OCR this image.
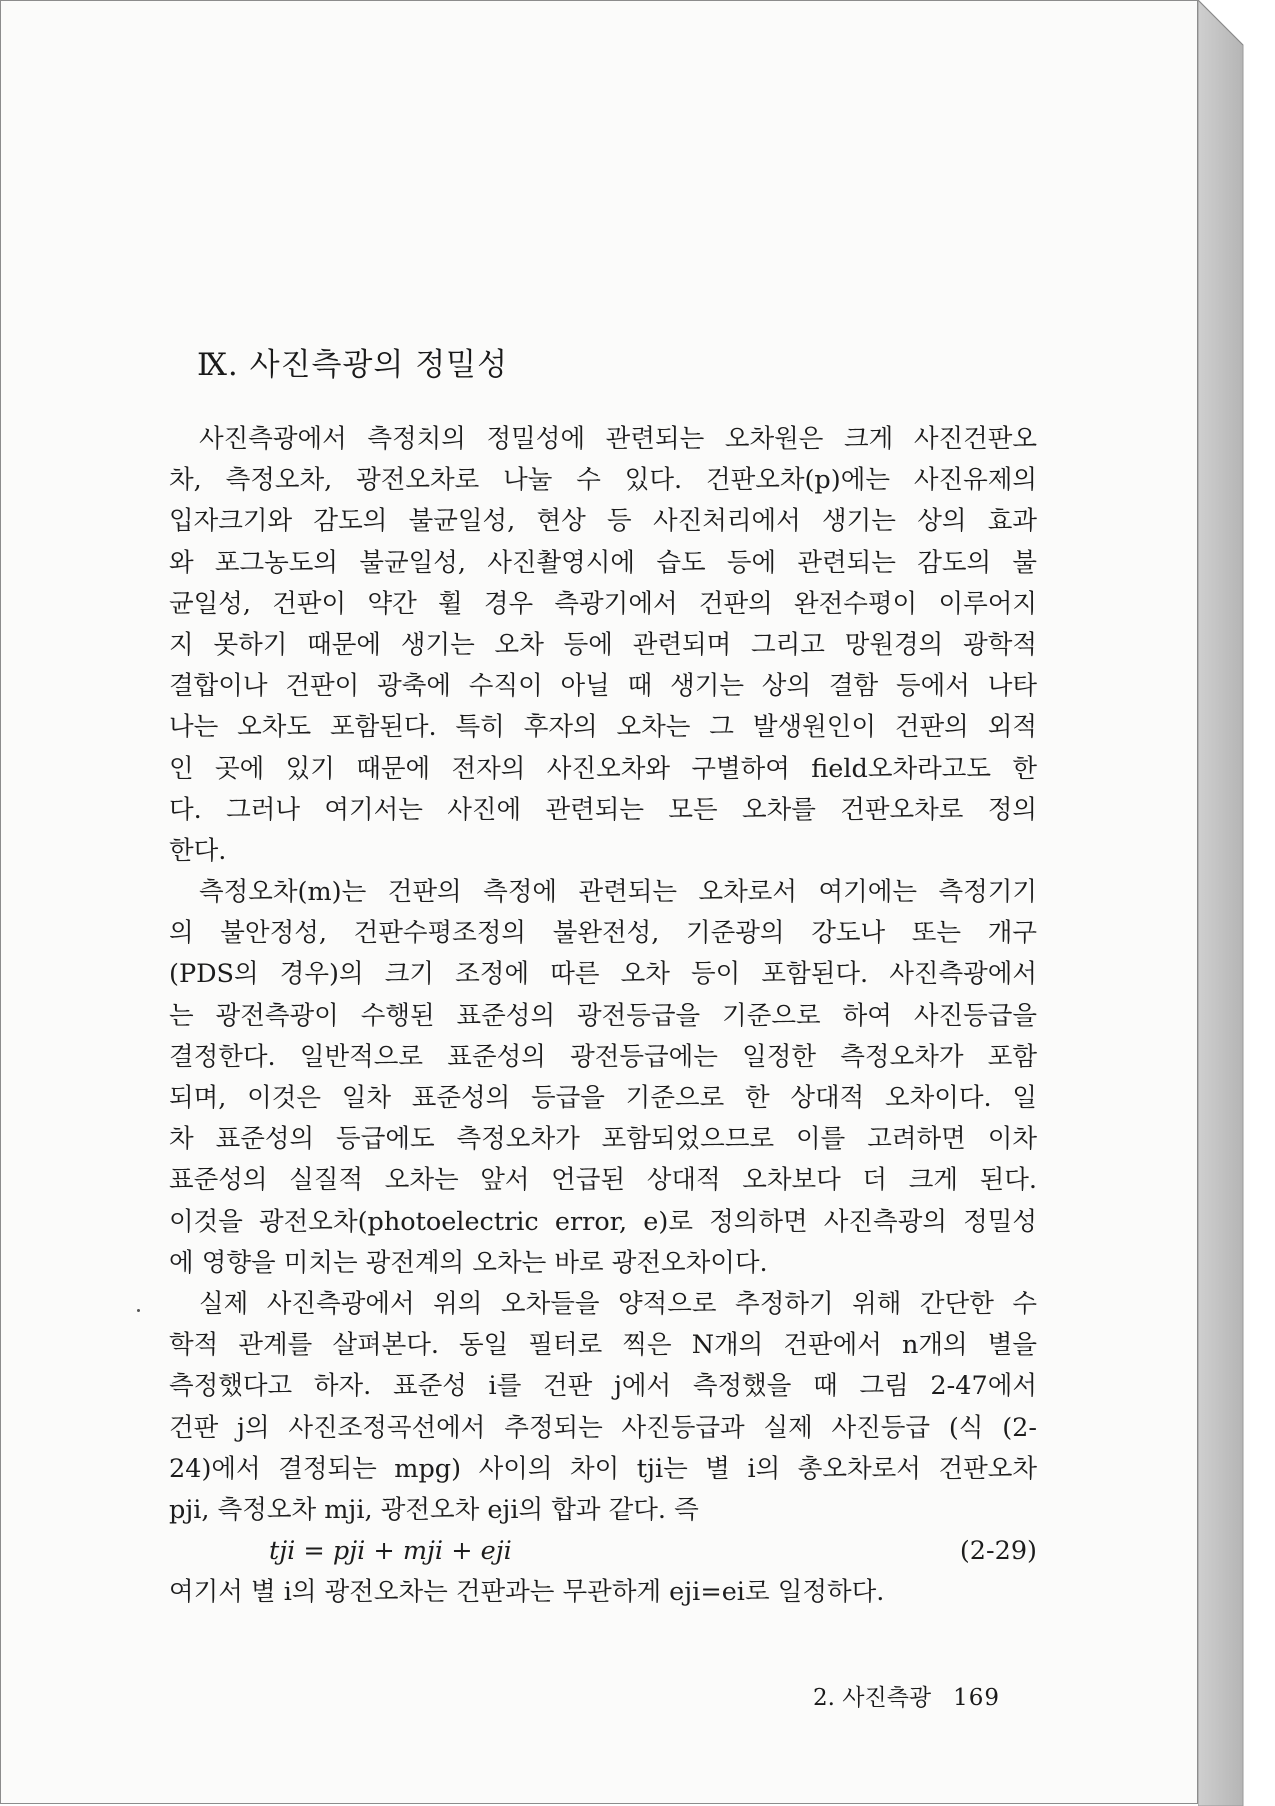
Ⅸ. 사진측광의 정밀성
사진측광에서 측정치의 정밀성에 관련되는 오차원은 크게 사진건판오
차, 측정오차, 광전오차로 나눌 수 있다. 건판오차(p)에는 사진유제의
입자크기와 감도의 불균일성, 현상 등 사진처리에서 생기는 상의 효과
와 포그농도의 불균일성, 사진촬영시에 습도 등에 관련되는 감도의 불
균일성, 건판이 약간 휠 경우 측광기에서 건판의 완전수평이 이루어지
지 못하기 때문에 생기는 오차 등에 관련되며 그리고 망원경의 광학적
결합이나 건판이 광축에 수직이 아닐 때 생기는 상의 결함 등에서 나타
나는 오차도 포함된다. 특히 후자의 오차는 그 발생원인이 건판의 외적
인 곳에 있기 때문에 전자의 사진오차와 구별하여 field오차라고도 한
다. 그러나 여기서는 사진에 관련되는 모든 오차를 건판오차로 정의
한다.
측정오차(m)는 건판의 측정에 관련되는 오차로서 여기에는 측정기기
의 불안정성, 건판수평조정의 불완전성, 기준광의 강도나 또는 개구
(PDS의 경우)의 크기 조정에 따른 오차 등이 포함된다. 사진측광에서
는 광전측광이 수행된 표준성의 광전등급을 기준으로 하여 사진등급을
결정한다. 일반적으로 표준성의 광전등급에는 일정한 측정오차가 포함
되며, 이것은 일차 표준성의 등급을 기준으로 한 상대적 오차이다. 일
차 표준성의 등급에도 측정오차가 포함되었으므로 이를 고려하면 이차
표준성의 실질적 오차는 앞서 언급된 상대적 오차보다 더 크게 된다.
이것을 광전오차(photoelectric error, e)로 정의하면 사진측광의 정밀성
에 영향을 미치는 광전계의 오차는 바로 광전오차이다.
실제 사진측광에서 위의 오차들을 양적으로 추정하기 위해 간단한 수
학적 관계를 살펴본다. 동일 필터로 찍은 N개의 건판에서 n개의 별을
측정했다고 하자. 표준성 i를 건판 j에서 측정했을 때 그림 2-47에서
건판 j의 사진조정곡선에서 추정되는 사진등급과 실제 사진등급 (식 (2-
24)에서 결정되는 mpg) 사이의 차이 tji는 별 i의 총오차로서 건판오차
pji, 측정오차 mji, 광전오차 eji의 합과 같다. 즉
tji = pji + mji + eji	(2-29)
여기서 별 i의 광전오차는 건판과는 무관하게 eji=ei로 일정하다.
2. 사진측광 169
